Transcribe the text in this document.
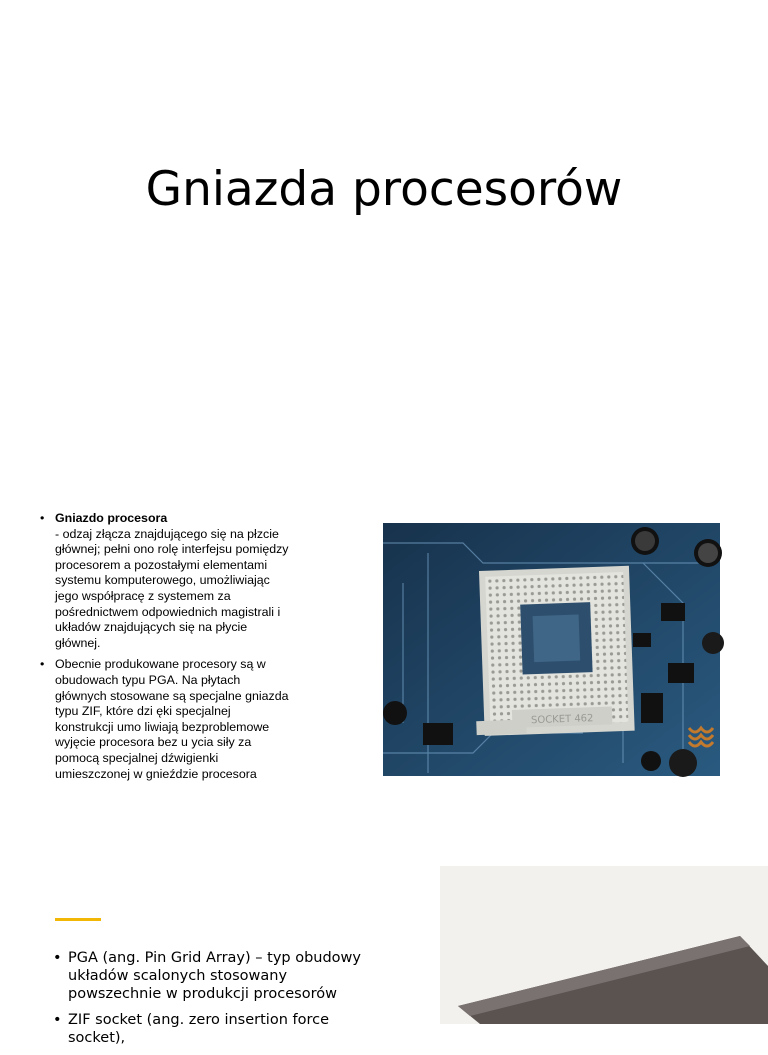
Gniazda procesorów
• Gniazdo procesora
- odzaj złącza znajdującego się na płzcie głównej; pełni ono rolę interfejsu pomiędzy procesorem a pozostałymi elementami systemu komputerowego, umożliwiając jego współpracę z systemem za pośrednictwem odpowiednich magistrali i układów znajdujących się na płycie głównej.
• Obecnie produkowane procesory są w obudowach typu PGA. Na płytach głównych stosowane są specjalne gniazda typu ZIF, które dzi ęki specjalnej konstrukcji umo liwiają bezproblemowe wyjęcie procesora bez u ycia siły za pomocą specjalnej dźwigienki umieszczonej w gnieździe procesora
SOCKET 462
• PGA (ang. Pin Grid Array) – typ obudowy układów scalonych stosowany powszechnie w produkcji procesorów
• ZIF socket (ang. zero insertion force socket),
